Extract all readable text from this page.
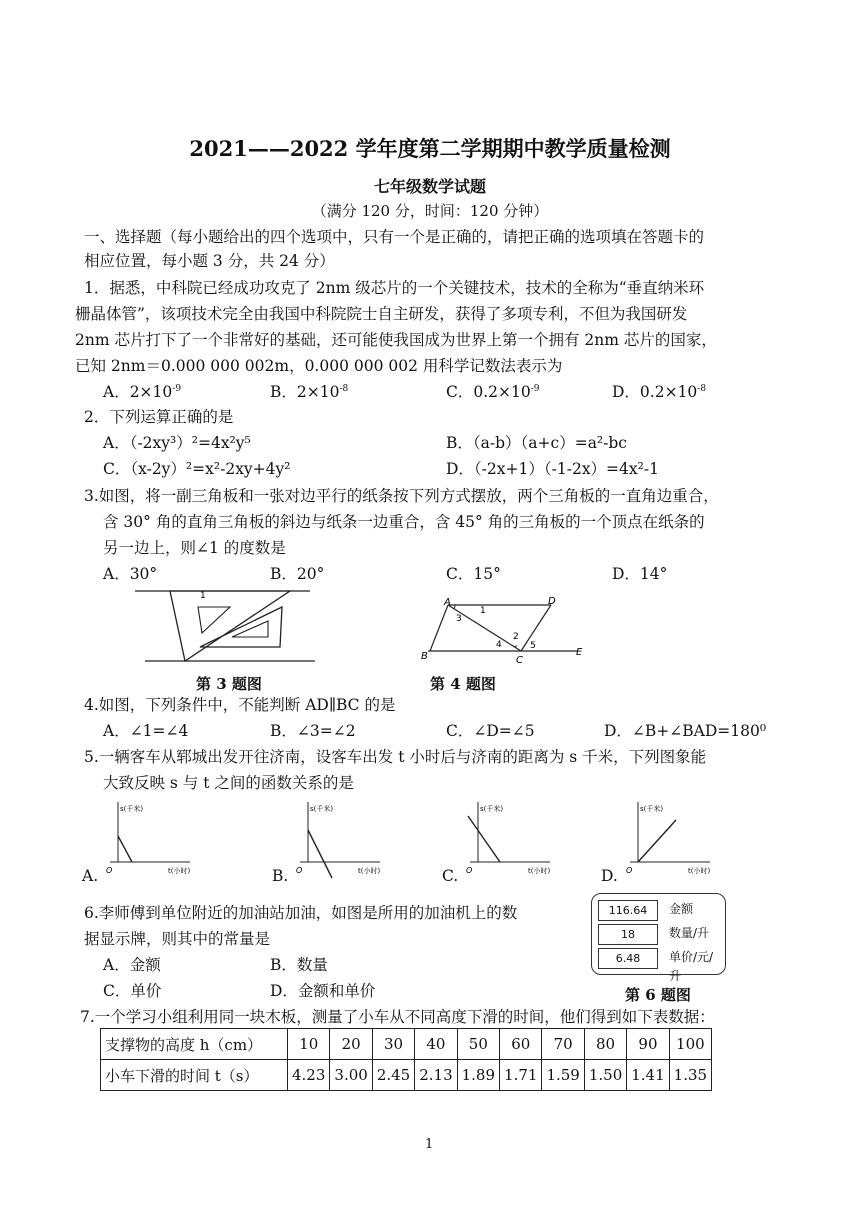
2021——2022 学年度第二学期期中教学质量检测
七年级数学试题
（满分 120 分，时间：120 分钟）
一、选择题（每小题给出的四个选项中，只有一个是正确的，请把正确的选项填在答题卡的
相应位置，每小题 3 分，共 24 分）
1．据悉，中科院已经成功攻克了 2nm 级芯片的一个关键技术，技术的全称为“垂直纳米环
栅晶体管”，该项技术完全由我国中科院院士自主研发，获得了多项专利，不但为我国研发
2nm 芯片打下了一个非常好的基础，还可能使我国成为世界上第一个拥有 2nm 芯片的国家，
已知 2nm＝0.000 000 002m，0.000 000 002 用科学记数法表示为
A．$2\times 10^{-9}$	B．$2\times 10^{-8}$	C．$0.2\times 10^{-9}$	D．$0.2\times 10^{-8}$
2．下列运算正确的是
A．（-2xy³）²=4x²y⁵	B．（a-b）（a+c）=a²-bc
C．（x-2y）²=x²-2xy+4y²	D．（-2x+1）（-1-2x）=4x²-1
3.如图，将一副三角板和一张对边平行的纸条按下列方式摆放，两个三角板的一直角边重合，
含 30° 角的直角三角板的斜边与纸条一边重合，含 45° 角的三角板的一个顶点在纸条的
另一边上，则∠1 的度数是
A．30°	B．20°	C．15°	D．14°
1
第 3 题图
A	D
B	C
E
1
3
4
2
5
第 4 题图
4.如图，下列条件中，不能判断 AD∥BC 的是
A．∠1=∠4	B．∠3=∠2	C．∠D=∠5	D．∠B+∠BAD=180⁰
5.一辆客车从郓城出发开往济南，设客车出发 t 小时后与济南的距离为 s 千米，下列图象能
大致反映 s 与 t 之间的函数关系的是
A.	B.	C.	D.
s(千米)
O	t(小时)
s(千米)
O	t(小时)
s(千米)
O	t(小时)
s(千米)
O	t(小时)
6.李师傅到单位附近的加油站加油，如图是所用的加油机上的数
据显示牌，则其中的常量是
A．金额	B．数量
C．单价	D．金额和单价
116.64	金额
18	数量/升
6.48	单价/元/升
第 6 题图
7.一个学习小组利用同一块木板，测量了小车从不同高度下滑的时间，他们得到如下表数据：
支撑物的高度 h（cm）	10	20	30	40	50	60	70	80	90	100
小车下滑的时间 t（s）	4.23	3.00	2.45	2.13	1.89	1.71	1.59	1.50	1.41	1.35
1
